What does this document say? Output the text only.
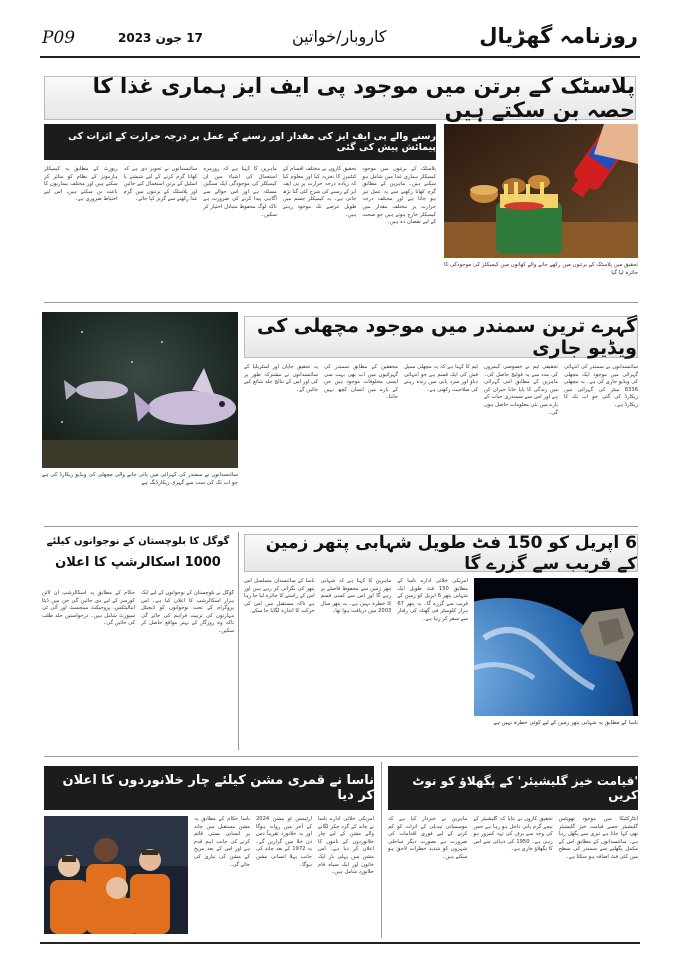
P09	17 جون 2023	کاروبار/خواتین	روزنامہ گھڑیال
پلاسٹک کے برتن میں موجود پی ایف ایز ہماری غذا کا حصہ بن سکتے ہیں
رسنے والے پی ایف ایز کی مقدار اور رسنے کے عمل پر درجہ حرارت کے اثرات کی پیمائش پیش کی گئی
تحقیق میں پلاسٹک کے برتنوں میں رکھے جانے والے کھانوں میں کیمیکلز کی موجودگی کا جائزہ لیا گیا
پلاسٹک کے برتنوں میں موجود کیمیکلز ہماری غذا میں شامل ہو سکتے ہیں۔ ماہرین کے مطابق گرم کھانا رکھنے سے یہ عمل تیز ہو جاتا ہے اور مختلف درجہ حرارت پر مختلف مقدار میں کیمیکلز خارج ہوتے ہیں جو صحت کے لیے نقصان دہ ہیں۔
تحقیق کاروں نے مختلف اقسام کے کنٹینرز کا تجزیہ کیا اور معلوم کیا کہ زیادہ درجہ حرارت پر پی ایف ایز کے رسنے کی شرح کئی گنا بڑھ جاتی ہے۔ یہ کیمیکلز جسم میں طویل عرصے تک موجود رہتے ہیں۔
ماہرین کا کہنا ہے کہ روزمرہ استعمال کی اشیاء میں ان کیمیکلز کی موجودگی ایک سنگین مسئلہ ہے اور اس حوالے سے آگاہی پیدا کرنے کی ضرورت ہے تاکہ لوگ محفوظ متبادل اختیار کر سکیں۔
سائنسدانوں نے تجویز دی ہے کہ کھانا گرم کرنے کے لیے شیشے یا اسٹیل کے برتن استعمال کیے جائیں اور پلاسٹک کے برتنوں میں گرم غذا رکھنے سے گریز کیا جائے۔
رپورٹ کے مطابق یہ کیمیکلز ہارمونز کے نظام کو متاثر کر سکتے ہیں اور مختلف بیماریوں کا باعث بن سکتے ہیں، اس لیے احتیاط ضروری ہے۔
گہرے ترین سمندر میں موجود مچھلی کی ویڈیو جاری
سائنسدانوں نے سمندر کی گہرائی میں پائی جانے والی مچھلی کی ویڈیو ریکارڈ کی ہے جو اب تک کی سب سے گہری ریکارڈنگ ہے
سائنسدانوں نے سمندر کی انتہائی گہرائی میں موجود ایک مچھلی کی ویڈیو جاری کی ہے۔ یہ مچھلی 8336 میٹر کی گہرائی میں ریکارڈ کی گئی جو اب تک کا ریکارڈ ہے۔
تحقیقی ٹیم نے خصوصی کیمروں کی مدد سے یہ فوٹیج حاصل کی۔ ماہرین کے مطابق اتنی گہرائی میں زندگی کا پایا جانا حیران کن ہے اور اس سے سمندری حیات کے بارے میں نئی معلومات حاصل ہوں گی۔
ٹیم کا کہنا ہے کہ یہ مچھلی سنیل فش کی ایک قسم ہے جو انتہائی دباؤ اور سرد پانی میں زندہ رہنے کی صلاحیت رکھتی ہے۔
محققین کے مطابق سمندر کی گہرائیوں میں اب بھی بہت سی ایسی مخلوقات موجود ہیں جن کے بارے میں انسان کچھ نہیں جانتا۔
یہ تحقیق جاپان اور آسٹریلیا کے سائنسدانوں نے مشترکہ طور پر کی اور اس کے نتائج جلد شائع کیے جائیں گے۔
گوگل کا بلوچستان کے نوجوانوں کیلئے
1000 اسکالرشپ کا اعلان
گوگل نے بلوچستان کے نوجوانوں کے لیے ایک ہزار اسکالرشپ کا اعلان کیا ہے۔ اس پروگرام کے تحت نوجوانوں کو ڈیجیٹل مہارتوں کی تربیت فراہم کی جائے گی تاکہ وہ روزگار کے بہتر مواقع حاصل کر سکیں۔
حکام کے مطابق یہ اسکالرشپ آن لائن کورسز کے لیے دی جائیں گی جن میں ڈیٹا اینالیٹکس، پروجیکٹ مینجمنٹ اور آئی ٹی سپورٹ شامل ہیں۔ درخواستیں جلد طلب کی جائیں گی۔
6 اپریل کو 150 فٹ طویل شہابی پتھر زمین کے قریب سے گزرے گا
ناسا کے مطابق یہ شہابی پتھر زمین کے لیے کوئی خطرہ نہیں ہے
امریکی خلائی ادارے ناسا کے مطابق 150 فٹ طویل ایک شہابی پتھر 6 اپریل کو زمین کے قریب سے گزرے گا۔ یہ پتھر 67 ہزار کلومیٹر فی گھنٹہ کی رفتار سے سفر کر رہا ہے۔
ماہرین کا کہنا ہے کہ شہابی پتھر زمین سے محفوظ فاصلے پر رہے گا اور اس سے کسی قسم کا خطرہ نہیں ہے۔ یہ پتھر سال 2003 میں دریافت ہوا تھا۔
ناسا کے سائنسدان مسلسل اس پتھر کی نگرانی کر رہے ہیں اور اس کے راستے کا جائزہ لیا جا رہا ہے تاکہ مستقبل میں اس کی حرکت کا اندازہ لگایا جا سکے۔
ناسا نے قمری مشن کیلئے چار خلانوردوں کا اعلان کر دیا
امریکی خلائی ادارے ناسا نے چاند کے گرد چکر لگانے والے مشن کے لیے چار خلانوردوں کے ناموں کا اعلان کر دیا ہے۔ اس مشن میں پہلی بار ایک خاتون اور ایک سیاہ فام خلانورد شامل ہیں۔
آرٹیمس ٹو مشن 2024 کے آخر میں روانہ ہوگا اور یہ خلانورد تقریباً دس دن خلا میں گزاریں گے۔ یہ 1972 کے بعد چاند کی جانب پہلا انسانی مشن ہوگا۔
ناسا حکام کے مطابق یہ مشن مستقبل میں چاند پر انسانی بستی قائم کرنے کی جانب اہم قدم ہے اور اس کے بعد مریخ کے مشن کی تیاری کی جائے گی۔
'قیامت خیز گلیشیئر' کے پگھلاؤ کو نوٹ کریں
انٹارکٹیکا میں موجود تھویٹس گلیشیئر جسے قیامت خیز گلیشیئر بھی کہا جاتا ہے تیزی سے پگھل رہا ہے۔ سائنسدانوں کے مطابق اس کے مکمل پگھلنے سے سمندر کی سطح میں کئی فٹ اضافہ ہو سکتا ہے۔
تحقیق کاروں نے بتایا کہ گلیشیئر کے نیچے گرم پانی داخل ہو رہا ہے جس کی وجہ سے برف کی تہہ کمزور ہو رہی ہے۔ 1950 کی دہائی سے اس کا پگھلاؤ جاری ہے۔
ماہرین نے خبردار کیا ہے کہ موسمیاتی تبدیلی کے اثرات کو کم کرنے کے لیے فوری اقدامات کی ضرورت ہے بصورت دیگر ساحلی شہروں کو شدید خطرات لاحق ہو سکتے ہیں۔
